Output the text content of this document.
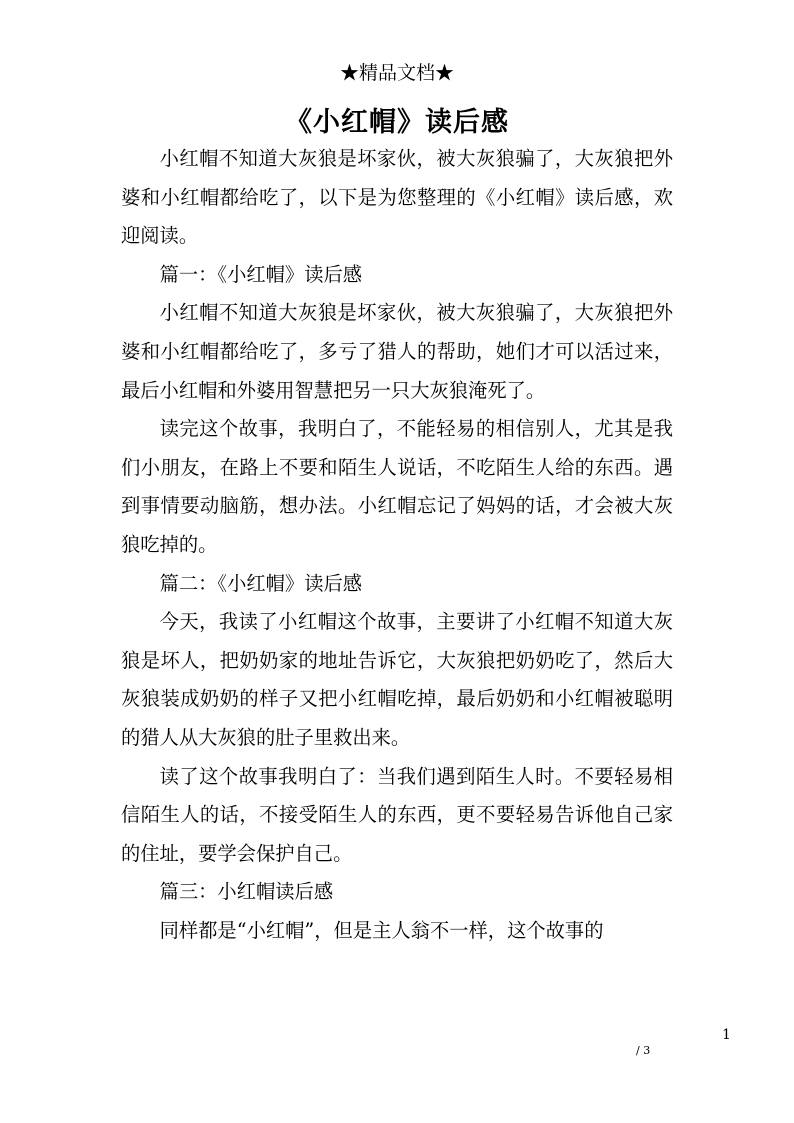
★精品文档★
《小红帽》读后感

小红帽不知道大灰狼是坏家伙，被大灰狼骗了，大灰狼把外婆和小红帽都给吃了，以下是为您整理的《小红帽》读后感，欢迎阅读。

篇一：《小红帽》读后感

小红帽不知道大灰狼是坏家伙，被大灰狼骗了，大灰狼把外婆和小红帽都给吃了，多亏了猎人的帮助，她们才可以活过来，最后小红帽和外婆用智慧把另一只大灰狼淹死了。

读完这个故事，我明白了，不能轻易的相信别人，尤其是我们小朋友，在路上不要和陌生人说话，不吃陌生人给的东西。遇到事情要动脑筋，想办法。小红帽忘记了妈妈的话，才会被大灰狼吃掉的。

篇二：《小红帽》读后感

今天，我读了小红帽这个故事，主要讲了小红帽不知道大灰狼是坏人，把奶奶家的地址告诉它，大灰狼把奶奶吃了，然后大灰狼装成奶奶的样子又把小红帽吃掉，最后奶奶和小红帽被聪明的猎人从大灰狼的肚子里救出来。

读了这个故事我明白了：当我们遇到陌生人时。不要轻易相信陌生人的话，不接受陌生人的东西，更不要轻易告诉他自己家的住址，要学会保护自己。

篇三：小红帽读后感

同样都是“小红帽”，但是主人翁不一样，这个故事的

1
/ 3
